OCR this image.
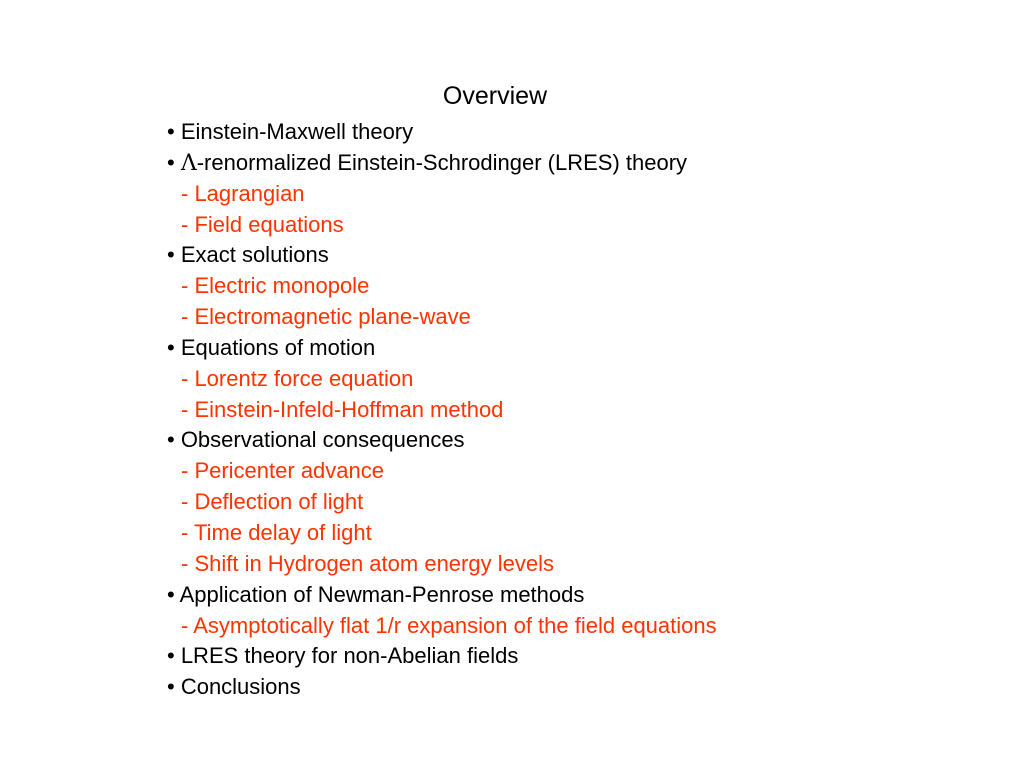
Overview
• Einstein-Maxwell theory
• Λ-renormalized Einstein-Schrodinger (LRES) theory
- Lagrangian
- Field equations
• Exact solutions
- Electric monopole
- Electromagnetic plane-wave
• Equations of motion
- Lorentz force equation
- Einstein-Infeld-Hoffman method
• Observational consequences
- Pericenter advance
- Deflection of light
- Time delay of light
- Shift in Hydrogen atom energy levels
• Application of Newman-Penrose methods
- Asymptotically flat 1/r expansion of the field equations
• LRES theory for non-Abelian fields
• Conclusions
